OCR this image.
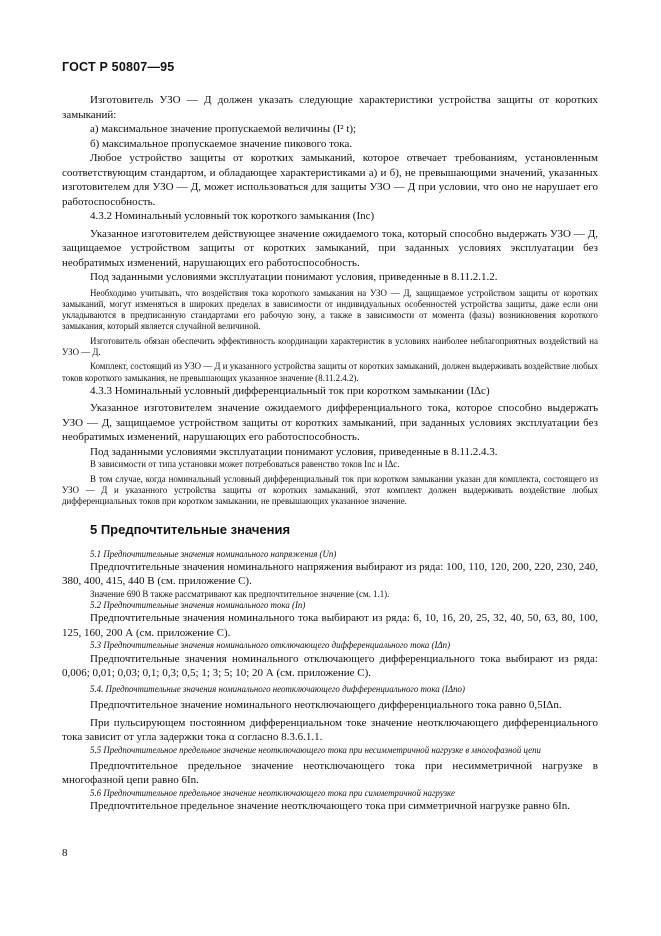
ГОСТ Р 50807—95

Изготовитель УЗО — Д должен указать следующие характеристики устройства защиты от коротких замыканий:

а) максимальное значение пропускаемой величины (I² t);

б) максимальное пропускаемое значение пикового тока.

Любое устройство защиты от коротких замыканий, которое отвечает требованиям, установленным соответствующим стандартом, и обладающее характеристиками а) и б), не превышающими значений, указанных изготовителем для УЗО — Д, может использоваться для защиты УЗО — Д при условии, что оно не нарушает его работоспособность.

4.3.2 Номинальный условный ток короткого замыкания (Inc)

Указанное изготовителем действующее значение ожидаемого тока, который способно выдержать УЗО — Д, защищаемое устройством защиты от коротких замыканий, при заданных условиях эксплуатации без необратимых изменений, нарушающих его работоспособность.

Под заданными условиями эксплуатации понимают условия, приведенные в 8.11.2.1.2.

Необходимо учитывать, что воздействия тока короткого замыкания на УЗО — Д, защищаемое устройством защиты от коротких замыканий, могут изменяться в широких пределах в зависимости от индивидуальных особенностей устройства защиты, даже если они укладываются в предписанную стандартами его рабочую зону, а также в зависимости от момента (фазы) возникновения короткого замыкания, который является случайной величиной.

Изготовитель обязан обеспечить эффективность координации характеристик в условиях наиболее неблагоприятных воздействий на УЗО — Д.

Комплект, состоящий из УЗО — Д и указанного устройства защиты от коротких замыканий, должен выдерживать воздействие любых токов короткого замыкания, не превышающих указанное значение (8.11.2.4.2).

4.3.3 Номинальный условный дифференциальный ток при коротком замыкании (IΔc)

Указанное изготовителем значение ожидаемого дифференциального тока, которое способно выдержать УЗО — Д, защищаемое устройством защиты от коротких замыканий, при заданных условиях эксплуатации без необратимых изменений, нарушающих его работоспособность.

Под заданными условиями эксплуатации понимают условия, приведенные в 8.11.2.4.3.

В зависимости от типа установки может потребоваться равенство токов Inc и IΔc.

В том случае, когда номинальный условный дифференциальный ток при коротком замыкании указан для комплекта, состоящего из УЗО — Д и указанного устройства защиты от коротких замыканий, этот комплект должен выдерживать воздействие любых дифференциальных токов при коротком замыкании, не превышающих указанное значение.

5 Предпочтительные значения

5.1 Предпочтительные значения номинального напряжения (Un)

Предпочтительные значения номинального напряжения выбирают из ряда: 100, 110, 120, 200, 220, 230, 240, 380, 400, 415, 440 В (см. приложение С).

Значение 690 В также рассматривают как предпочтительное значение (см. 1.1).

5.2 Предпочтительные значения номинального тока (In)

Предпочтительные значения номинального тока выбирают из ряда: 6, 10, 16, 20, 25, 32, 40, 50, 63, 80, 100, 125, 160, 200 А (см. приложение С).

5.3 Предпочтительные значения номинального отключающего дифференциального тока (IΔn)

Предпочтительные значения номинального отключающего дифференциального тока выбирают из ряда: 0,006; 0,01; 0,03; 0,1; 0,3; 0,5; 1; 3; 5; 10; 20 А (см. приложение С).

5.4. Предпочтительные значения номинального неотключающего дифференциального тока (IΔno)

Предпочтительное значение номинального неотключающего дифференциального тока равно 0,5IΔn.

При пульсирующем постоянном дифференциальном токе значение неотключающего дифференциального тока зависит от угла задержки тока α согласно 8.3.6.1.1.

5.5 Предпочтительное предельное значение неотключающего тока при несимметричной нагрузке в многофазной цепи

Предпочтительное предельное значение неотключающего тока при несимметричной нагрузке в многофазной цепи равно 6In.

5.6 Предпочтительное предельное значение неотключающего тока при симметричной нагрузке

Предпочтительное предельное значение неотключающего тока при симметричной нагрузке равно 6In.

8
